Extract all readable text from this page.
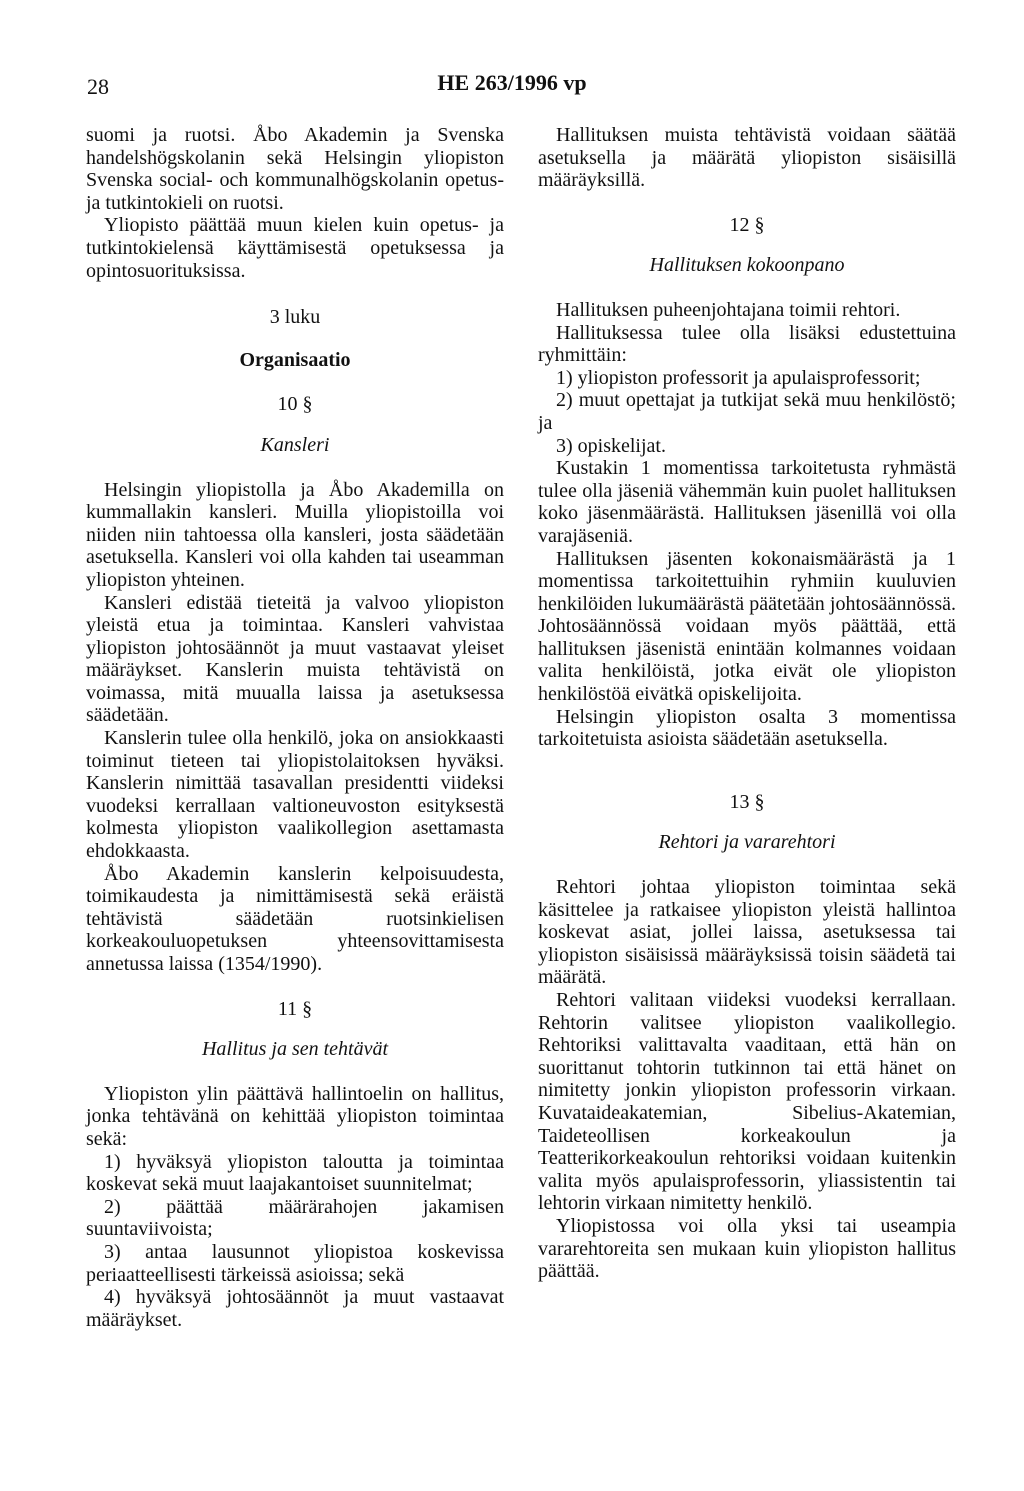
28	HE 263/1996 vp

suomi ja ruotsi. Åbo Akademin ja Svenska handelshögskolanin sekä Helsingin yliopiston Svenska social- och kommunalhögskolanin opetus- ja tutkintokieli on ruotsi.

Yliopisto päättää muun kielen kuin opetus- ja tutkintokielensä käyttämisestä opetuksessa ja opintosuorituksissa.

3 luku
Organisaatio
10 §
Kansleri

Helsingin yliopistolla ja Åbo Akademilla on kummallakin kansleri. Muilla yliopistoilla voi niiden niin tahtoessa olla kansleri, josta säädetään asetuksella. Kansleri voi olla kahden tai useamman yliopiston yhteinen.

Kansleri edistää tieteitä ja valvoo yliopiston yleistä etua ja toimintaa. Kansleri vahvistaa yliopiston johtosäännöt ja muut vastaavat yleiset määräykset. Kanslerin muista tehtävistä on voimassa, mitä muualla laissa ja asetuksessa säädetään.

Kanslerin tulee olla henkilö, joka on ansiokkaasti toiminut tieteen tai yliopistolaitoksen hyväksi. Kanslerin nimittää tasavallan presidentti viideksi vuodeksi kerrallaan valtioneuvoston esityksestä kolmesta yliopiston vaalikollegion asettamasta ehdokkaasta.

Åbo Akademin kanslerin kelpoisuudesta, toimikaudesta ja nimittämisestä sekä eräistä tehtävistä säädetään ruotsinkielisen korkeakouluopetuksen yhteensovittamisesta annetussa laissa (1354/1990).

11 §
Hallitus ja sen tehtävät

Yliopiston ylin päättävä hallintoelin on hallitus, jonka tehtävänä on kehittää yliopiston toimintaa sekä:

1) hyväksyä yliopiston taloutta ja toimintaa koskevat sekä muut laajakantoiset suunnitelmat;

2) päättää määrärahojen jakamisen suuntaviivoista;

3) antaa lausunnot yliopistoa koskevissa periaatteellisesti tärkeissä asioissa; sekä

4) hyväksyä johtosäännöt ja muut vastaavat määräykset.

Hallituksen muista tehtävistä voidaan säätää asetuksella ja määrätä yliopiston sisäisillä määräyksillä.

12 §
Hallituksen kokoonpano

Hallituksen puheenjohtajana toimii rehtori.

Hallituksessa tulee olla lisäksi edustettuina ryhmittäin:

1) yliopiston professorit ja apulaisprofessorit;

2) muut opettajat ja tutkijat sekä muu henkilöstö; ja

3) opiskelijat.

Kustakin 1 momentissa tarkoitetusta ryhmästä tulee olla jäseniä vähemmän kuin puolet hallituksen koko jäsenmäärästä. Hallituksen jäsenillä voi olla varajäseniä.

Hallituksen jäsenten kokonaismäärästä ja 1 momentissa tarkoitettuihin ryhmiin kuuluvien henkilöiden lukumäärästä päätetään johtosäännössä. Johtosäännössä voidaan myös päättää, että hallituksen jäsenistä enintään kolmannes voidaan valita henkilöistä, jotka eivät ole yliopiston henkilöstöä eivätkä opiskelijoita.

Helsingin yliopiston osalta 3 momentissa tarkoitetuista asioista säädetään asetuksella.

13 §
Rehtori ja vararehtori

Rehtori johtaa yliopiston toimintaa sekä käsittelee ja ratkaisee yliopiston yleistä hallintoa koskevat asiat, jollei laissa, asetuksessa tai yliopiston sisäisissä määräyksissä toisin säädetä tai määrätä.

Rehtori valitaan viideksi vuodeksi kerrallaan. Rehtorin valitsee yliopiston vaalikollegio. Rehtoriksi valittavalta vaaditaan, että hän on suorittanut tohtorin tutkinnon tai että hänet on nimitetty jonkin yliopiston professorin virkaan. Kuvataideakatemian, Sibelius-Akatemian, Taideteollisen korkeakoulun ja Teatterikorkeakoulun rehtoriksi voidaan kuitenkin valita myös apulaisprofessorin, yliassistentin tai lehtorin virkaan nimitetty henkilö.

Yliopistossa voi olla yksi tai useampia vararehtoreita sen mukaan kuin yliopiston hallitus päättää.
